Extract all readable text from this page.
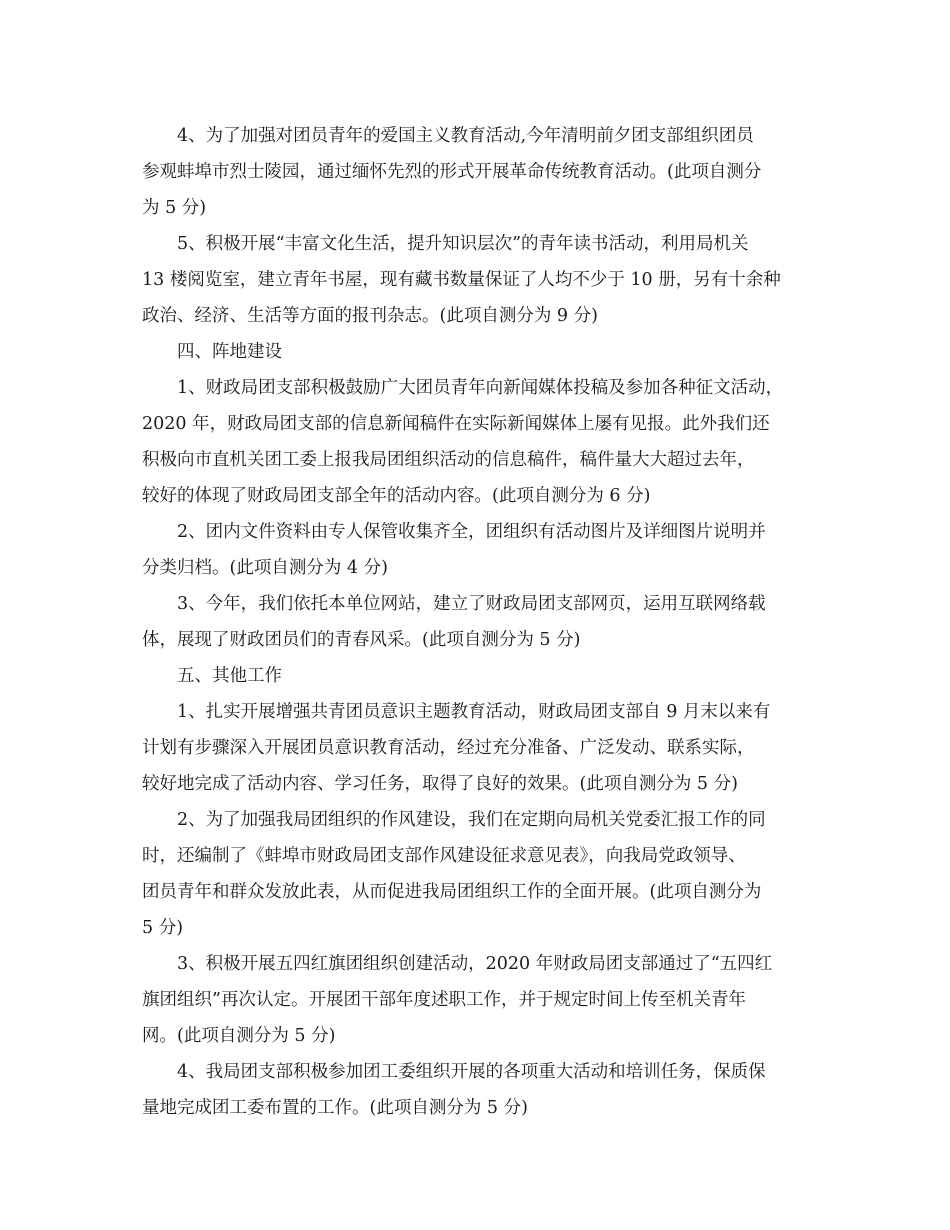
4、为了加强对团员青年的爱国主义教育活动,今年清明前夕团支部组织团员
参观蚌埠市烈士陵园，通过缅怀先烈的形式开展革命传统教育活动。(此项自测分
为 5 分)
5、积极开展“丰富文化生活，提升知识层次”的青年读书活动，利用局机关
13 楼阅览室，建立青年书屋，现有藏书数量保证了人均不少于 10 册，另有十余种
政治、经济、生活等方面的报刊杂志。(此项自测分为 9 分)
四、阵地建设
1、财政局团支部积极鼓励广大团员青年向新闻媒体投稿及参加各种征文活动，
2020 年，财政局团支部的信息新闻稿件在实际新闻媒体上屡有见报。此外我们还
积极向市直机关团工委上报我局团组织活动的信息稿件，稿件量大大超过去年，
较好的体现了财政局团支部全年的活动内容。(此项自测分为 6 分)
2、团内文件资料由专人保管收集齐全，团组织有活动图片及详细图片说明并
分类归档。(此项自测分为 4 分)
3、今年，我们依托本单位网站，建立了财政局团支部网页，运用互联网络载
体，展现了财政团员们的青春风采。(此项自测分为 5 分)
五、其他工作
1、扎实开展增强共青团员意识主题教育活动，财政局团支部自 9 月末以来有
计划有步骤深入开展团员意识教育活动，经过充分准备、广泛发动、联系实际，
较好地完成了活动内容、学习任务，取得了良好的效果。(此项自测分为 5 分)
2、为了加强我局团组织的作风建设，我们在定期向局机关党委汇报工作的同
时，还编制了《蚌埠市财政局团支部作风建设征求意见表》，向我局党政领导、
团员青年和群众发放此表，从而促进我局团组织工作的全面开展。(此项自测分为
5 分)
3、积极开展五四红旗团组织创建活动，2020 年财政局团支部通过了“五四红
旗团组织”再次认定。开展团干部年度述职工作，并于规定时间上传至机关青年
网。(此项自测分为 5 分)
4、我局团支部积极参加团工委组织开展的各项重大活动和培训任务，保质保
量地完成团工委布置的工作。(此项自测分为 5 分)
